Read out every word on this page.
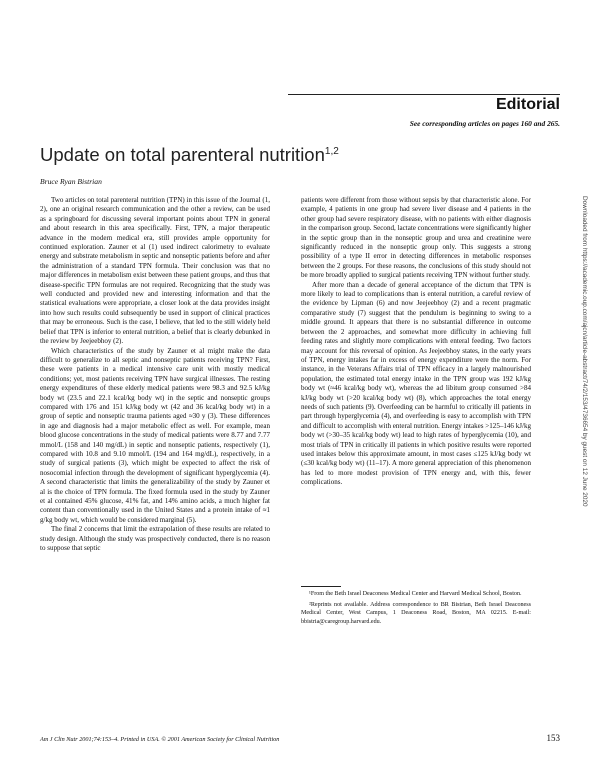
Editorial
See corresponding articles on pages 160 and 265.
Update on total parenteral nutrition$^{1,2}$
Bruce Ryan Bistrian

Two articles on total parenteral nutrition (TPN) in this issue of the Journal (1, 2), one an original research communication and the other a review, can be used as a springboard for discussing several important points about TPN in general and about research in this area specifically. First, TPN, a major therapeutic advance in the modern medical era, still provides ample opportunity for continued exploration. Zauner et al (1) used indirect calorimetry to evaluate energy and substrate metabolism in septic and nonseptic patients before and after the administration of a standard TPN formula. Their conclusion was that no major differences in metabolism exist between these patient groups, and thus that disease-specific TPN formulas are not required. Recognizing that the study was well conducted and provided new and interesting information and that the statistical evaluations were appropriate, a closer look at the data provides insight into how such results could subsequently be used in support of clinical practices that may be erroneous. Such is the case, I believe, that led to the still widely held belief that TPN is inferior to enteral nutrition, a belief that is clearly debunked in the review by Jeejeebhoy (2).

Which characteristics of the study by Zauner et al might make the data difficult to generalize to all septic and nonseptic patients receiving TPN? First, these were patients in a medical intensive care unit with mostly medical conditions; yet, most patients receiving TPN have surgical illnesses. The resting energy expenditures of these elderly medical patients were 98.3 and 92.5 kJ/kg body wt (23.5 and 22.1 kcal/kg body wt) in the septic and nonseptic groups compared with 176 and 151 kJ/kg body wt (42 and 36 kcal/kg body wt) in a group of septic and nonseptic trauma patients aged ≈30 y (3). These differences in age and diagnosis had a major metabolic effect as well. For example, mean blood glucose concentrations in the study of medical patients were 8.77 and 7.77 mmol/L (158 and 140 mg/dL) in septic and nonseptic patients, respectively (1), compared with 10.8 and 9.10 mmol/L (194 and 164 mg/dL), respectively, in a study of surgical patients (3), which might be expected to affect the risk of nosocomial infection through the development of significant hyperglycemia (4). A second characteristic that limits the generalizability of the study by Zauner et al is the choice of TPN formula. The fixed formula used in the study by Zauner et al contained 45% glucose, 41% fat, and 14% amino acids, a much higher fat content than conventionally used in the United States and a protein intake of ≈1 g/kg body wt, which would be considered marginal (5).

The final 2 concerns that limit the extrapolation of these results are related to study design. Although the study was prospectively conducted, there is no reason to suppose that septic

patients were different from those without sepsis by that characteristic alone. For example, 4 patients in one group had severe liver disease and 4 patients in the other group had severe respiratory disease, with no patients with either diagnosis in the comparison group. Second, lactate concentrations were significantly higher in the septic group than in the nonseptic group and urea and creatinine were significantly reduced in the nonseptic group only. This suggests a strong possibility of a type II error in detecting differences in metabolic responses between the 2 groups. For these reasons, the conclusions of this study should not be more broadly applied to surgical patients receiving TPN without further study.

After more than a decade of general acceptance of the dictum that TPN is more likely to lead to complications than is enteral nutrition, a careful review of the evidence by Lipman (6) and now Jeejeebhoy (2) and a recent pragmatic comparative study (7) suggest that the pendulum is beginning to swing to a middle ground. It appears that there is no substantial difference in outcome between the 2 approaches, and somewhat more difficulty in achieving full feeding rates and slightly more complications with enteral feeding. Two factors may account for this reversal of opinion. As Jeejeebhoy states, in the early years of TPN, energy intakes far in excess of energy expenditure were the norm. For instance, in the Veterans Affairs trial of TPN efficacy in a largely malnourished population, the estimated total energy intake in the TPN group was 192 kJ/kg body wt (≈46 kcal/kg body wt), whereas the ad libitum group consumed >84 kJ/kg body wt (>20 kcal/kg body wt) (8), which approaches the total energy needs of such patients (9). Overfeeding can be harmful to critically ill patients in part through hyperglycemia (4), and overfeeding is easy to accomplish with TPN and difficult to accomplish with enteral nutrition. Energy intakes >125–146 kJ/kg body wt (>30–35 kcal/kg body wt) lead to high rates of hyperglycemia (10), and most trials of TPN in critically ill patients in which positive results were reported used intakes below this approximate amount, in most cases ≤125 kJ/kg body wt (≤30 kcal/kg body wt) (11–17). A more general appreciation of this phenomenon has led to more modest provision of TPN energy and, with this, fewer complications.

¹From the Beth Israel Deaconess Medical Center and Harvard Medical School, Boston.

²Reprints not available. Address correspondence to BR Bistrian, Beth Israel Deaconess Medical Center, West Campus, 1 Deaconess Road, Boston, MA 02215. E-mail: bbistria@caregroup.harvard.edu.

Am J Clin Nutr 2001;74:153–4. Printed in USA. © 2001 American Society for Clinical Nutrition	153
Downloaded from https://academic.oup.com/ajcn/article-abstract/74/2/153/4736654 by guest on 12 June 2020
